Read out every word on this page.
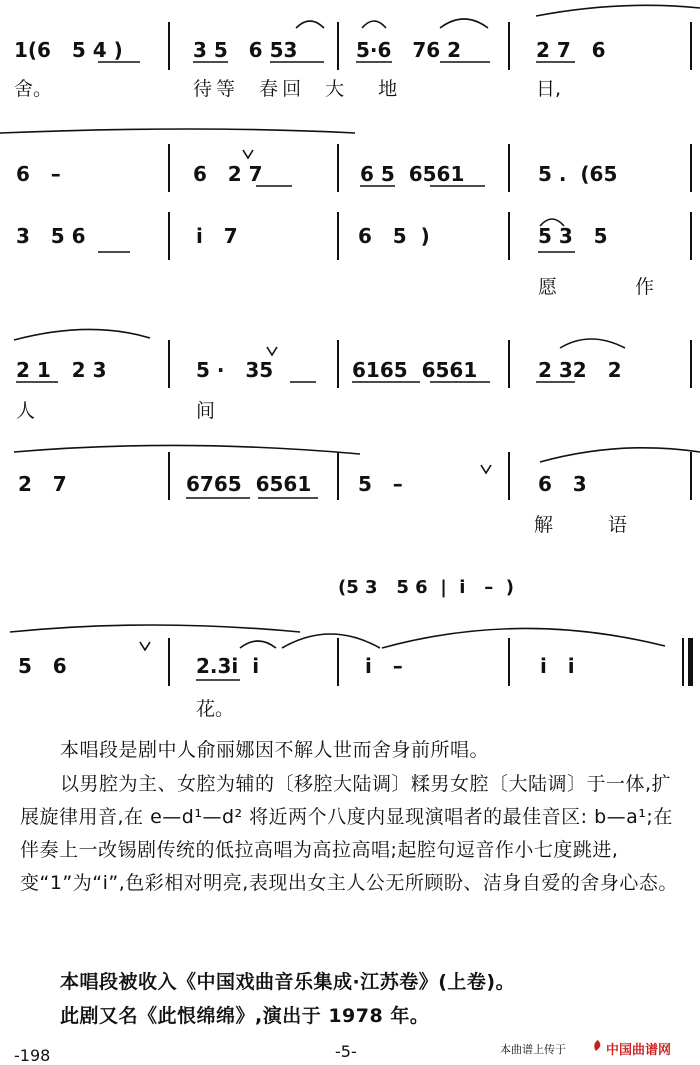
1(6   5 4 )	3 5   6 53	5·6   76 2	2 7   6
舍。	待等  春回  大   地	日,
6   –	6   2 7	6 5  6561	5 .  (65
3   5 6	i   7	6   5  )	5 3   5
愿	作
2 1   2 3	5 ·   35	6165  6561	2 32   2
人	间
2   7	6765  6561 5   –	6   3
解	语
(5 3   5 6  |  i   –  )
5   6	2.3i  i	i   –	i   i
花。
本唱段是剧中人俞丽娜因不解人世而舍身前所唱。
以男腔为主、女腔为辅的〔移腔大陆调〕糅男女腔〔大陆调〕于一体,扩展旋律用音,在 e—d¹—d² 将近两个八度内显现演唱者的最佳音区: b—a¹;在伴奏上一改锡剧传统的低拉高唱为高拉高唱;起腔句逗音作小七度跳进,变“1”为“i”,色彩相对明亮,表现出女主人公无所顾盼、洁身自爱的舍身心态。
本唱段被收入《中国戏曲音乐集成·江苏卷》(上卷)。
此剧又名《此恨绵绵》,演出于 1978 年。
-198	-5-	本曲谱上传于	中国曲谱网
